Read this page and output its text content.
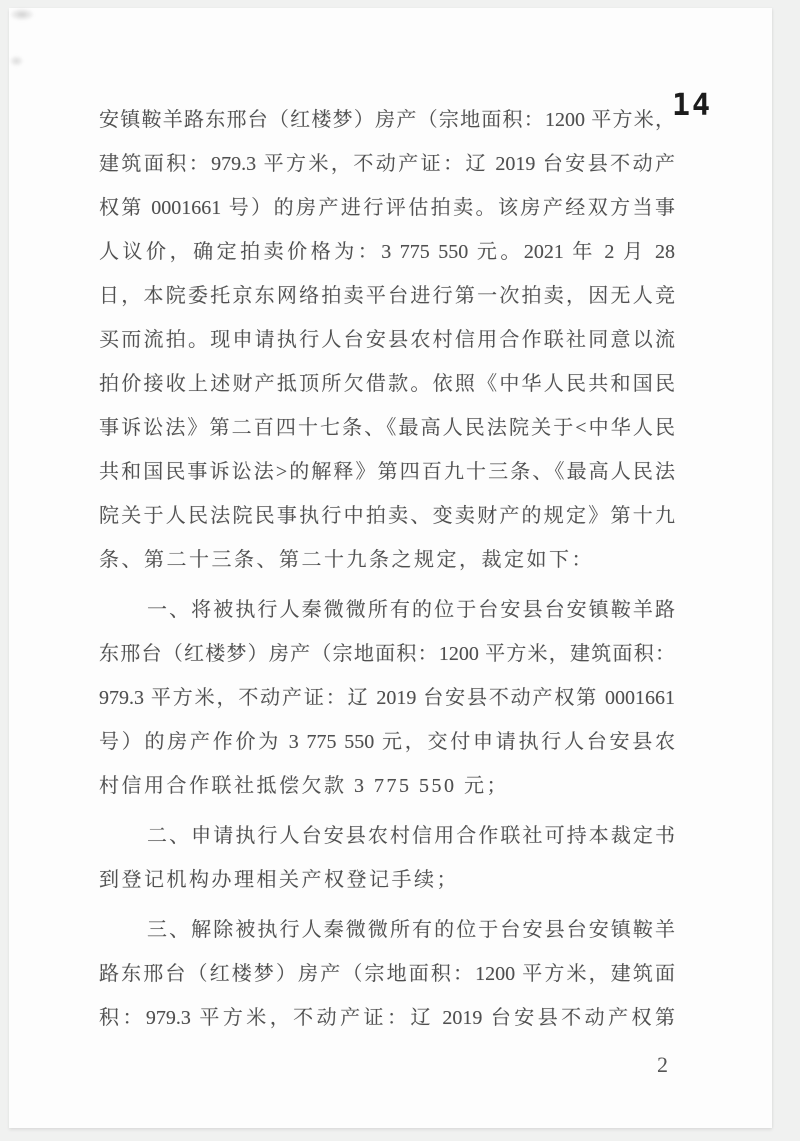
14
安镇鞍羊路东邢台（红楼梦）房产（宗地面积：1200 平方米，
建筑面积：979.3 平方米，不动产证：辽 2019 台安县不动产
权第 0001661 号）的房产进行评估拍卖。该房产经双方当事
人议价，确定拍卖价格为：3 775 550 元。2021 年 2 月 28
日，本院委托京东网络拍卖平台进行第一次拍卖，因无人竞
买而流拍。现申请执行人台安县农村信用合作联社同意以流
拍价接收上述财产抵顶所欠借款。依照《中华人民共和国民
事诉讼法》第二百四十七条、《最高人民法院关于<中华人民
共和国民事诉讼法>的解释》第四百九十三条、《最高人民法
院关于人民法院民事执行中拍卖、变卖财产的规定》第十九
条、第二十三条、第二十九条之规定，裁定如下：
一、将被执行人秦微微所有的位于台安县台安镇鞍羊路
东邢台（红楼梦）房产（宗地面积：1200 平方米，建筑面积：
979.3 平方米，不动产证：辽 2019 台安县不动产权第 0001661
号）的房产作价为 3 775 550 元，交付申请执行人台安县农
村信用合作联社抵偿欠款 3 775 550 元；
二、申请执行人台安县农村信用合作联社可持本裁定书
到登记机构办理相关产权登记手续；
三、解除被执行人秦微微所有的位于台安县台安镇鞍羊
路东邢台（红楼梦）房产（宗地面积：1200 平方米，建筑面
积：979.3 平方米，不动产证：辽 2019 台安县不动产权第
2
